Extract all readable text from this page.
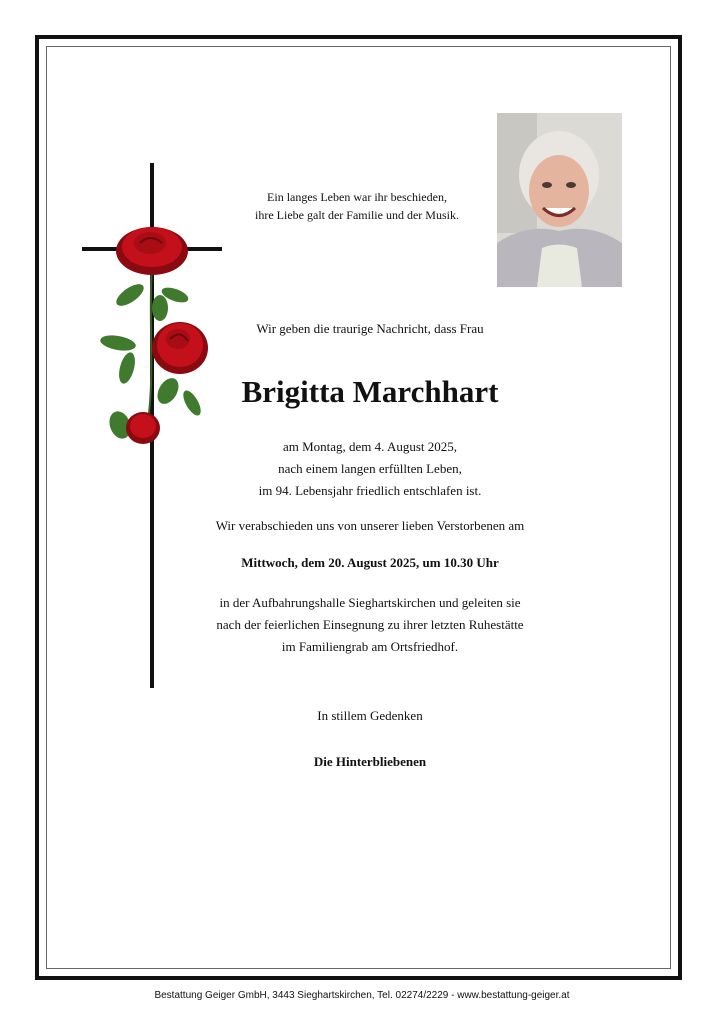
Ein langes Leben war ihr beschieden,
ihre Liebe galt der Familie und der Musik.
Wir geben die traurige Nachricht, dass Frau
Brigitta Marchhart
am Montag, dem 4. August 2025,
nach einem langen erfüllten Leben,
im 94. Lebensjahr friedlich entschlafen ist.
Wir verabschieden uns von unserer lieben Verstorbenen am
Mittwoch, dem 20. August 2025, um 10.30 Uhr
in der Aufbahrungshalle Sieghartskirchen und geleiten sie
nach der feierlichen Einsegnung zu ihrer letzten Ruhestätte
im Familiengrab am Ortsfriedhof.
In stillem Gedenken
Die Hinterbliebenen
Bestattung Geiger GmbH, 3443 Sieghartskirchen, Tel. 02274/2229 - www.bestattung-geiger.at
